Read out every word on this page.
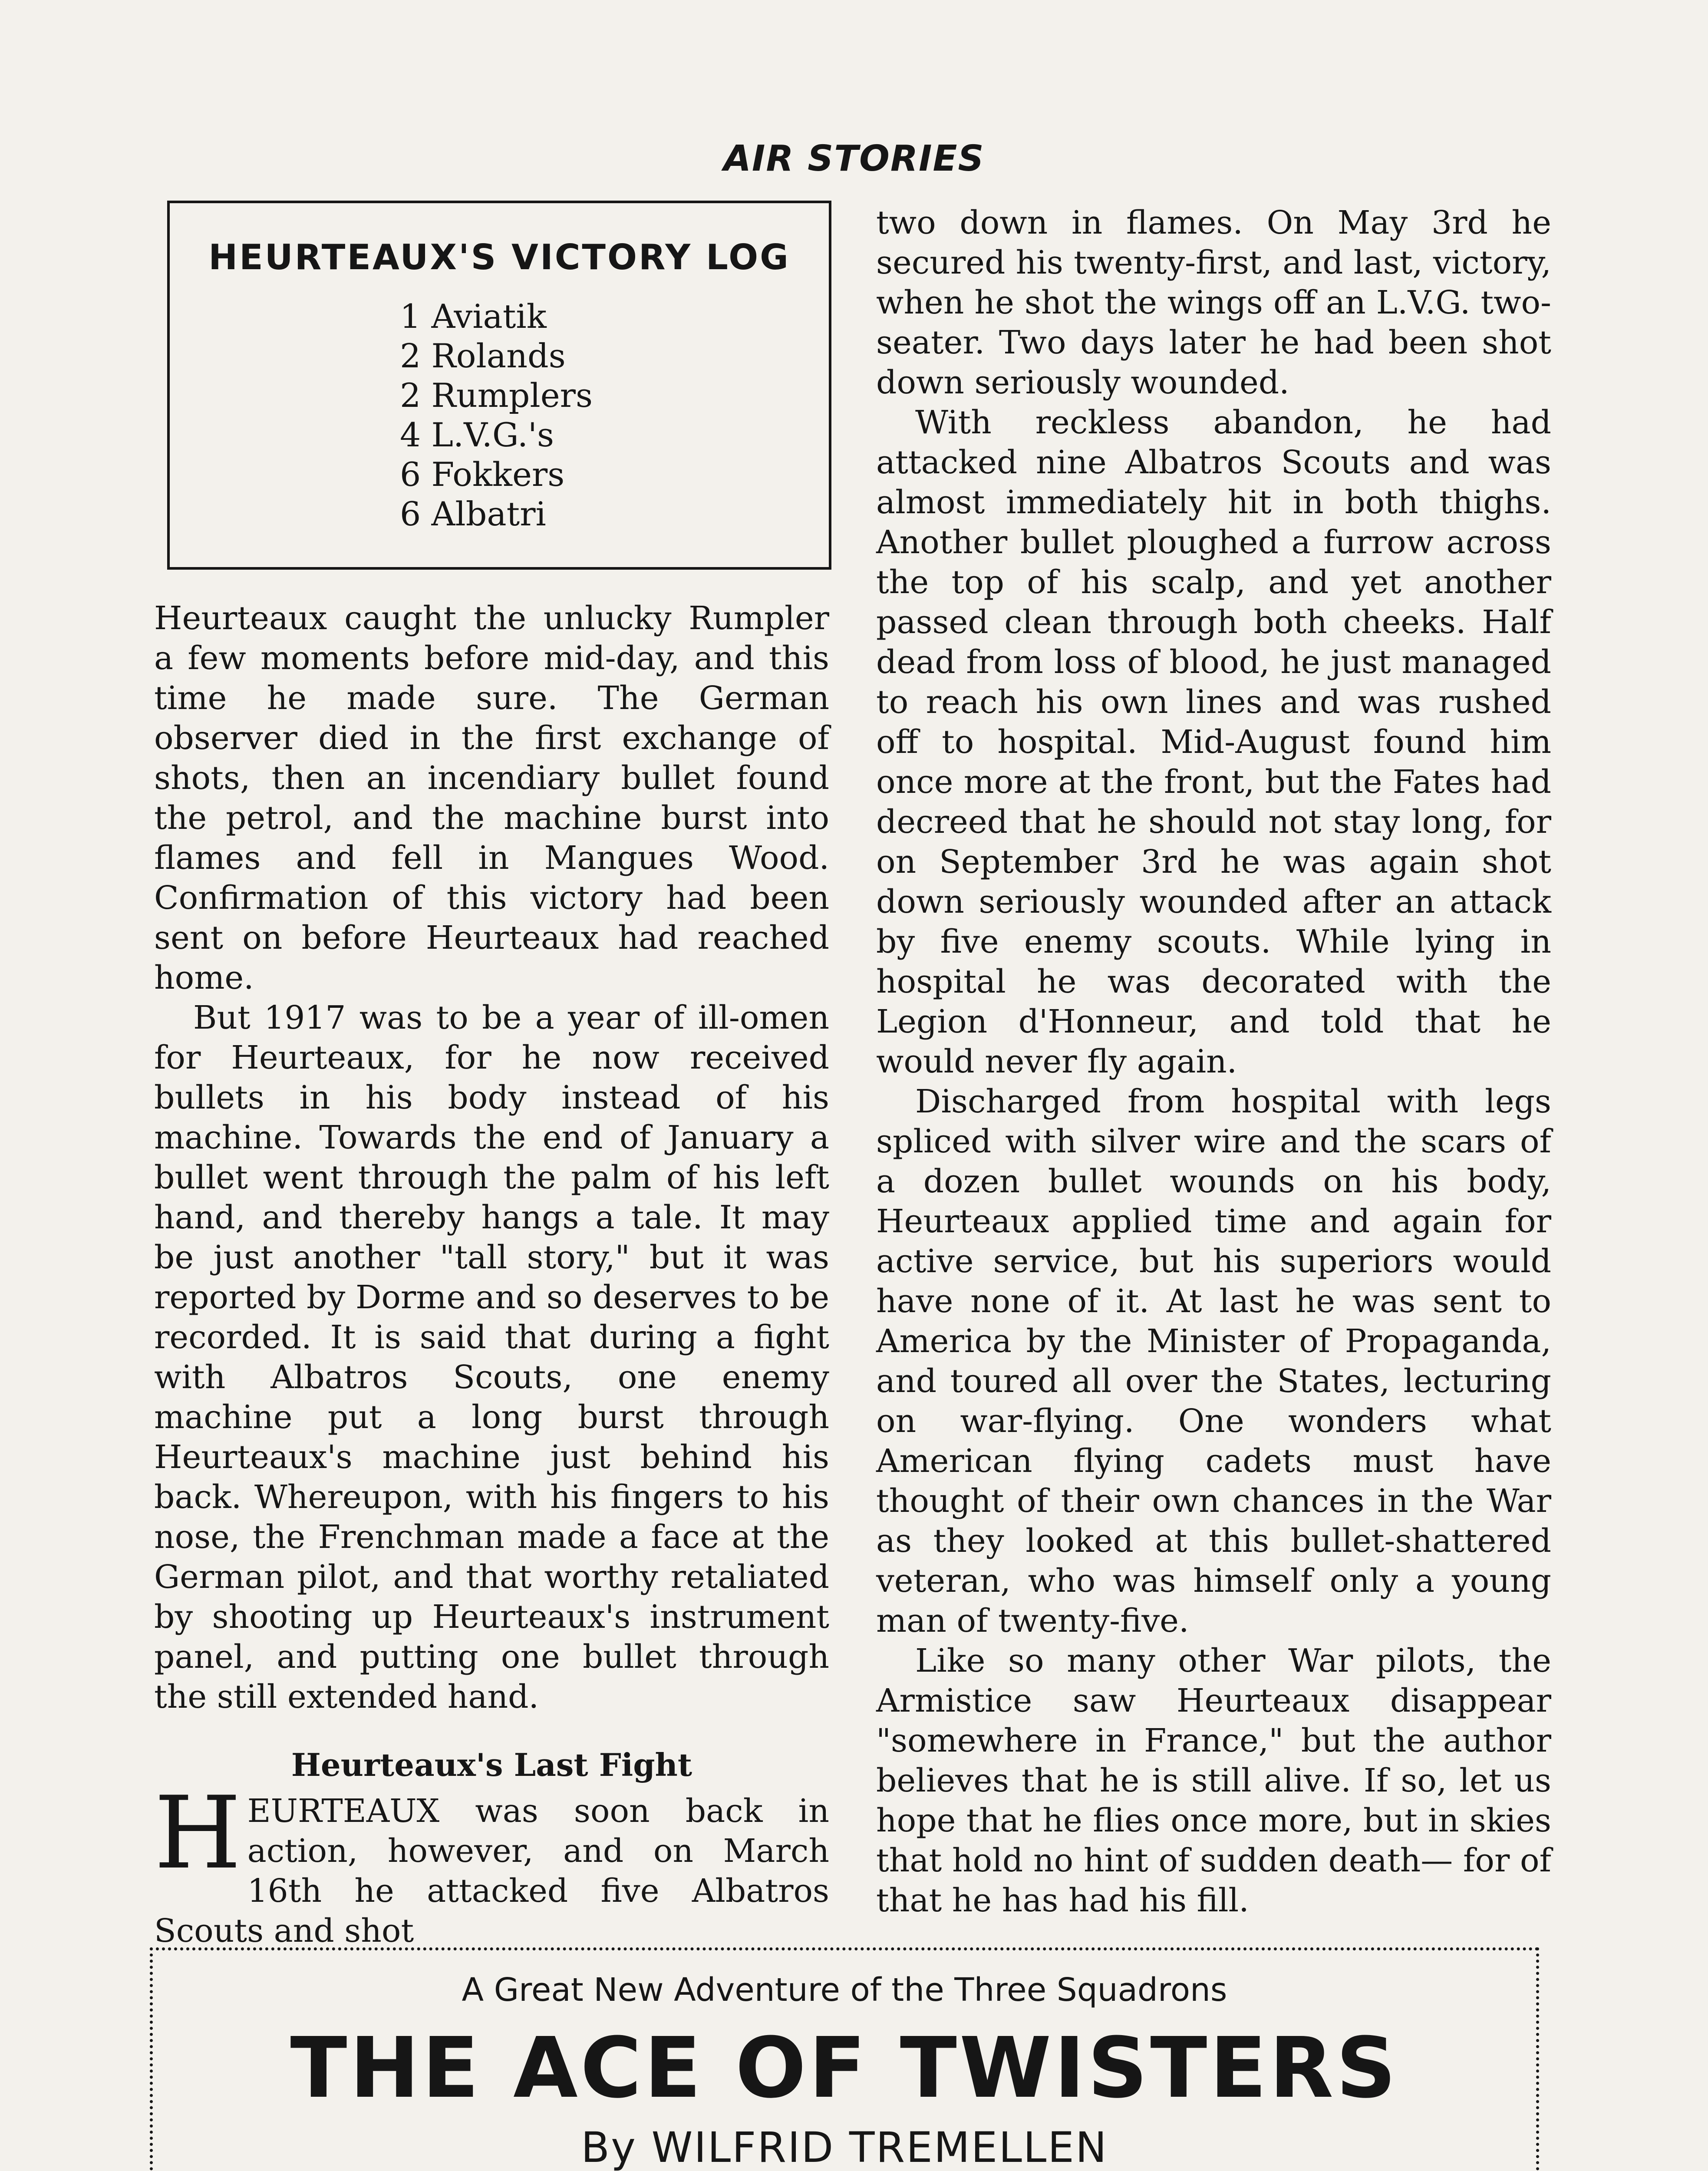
AIR STORIES
HEURTEAUX'S VICTORY LOG
1 Aviatik
2 Rolands
2 Rumplers
4 L.V.G.'s
6 Fokkers
6 Albatri

Heurteaux caught the unlucky Rumpler a few moments before mid-day, and this time he made sure. The German observer died in the first exchange of shots, then an incendiary bullet found the petrol, and the machine burst into flames and fell in Mangues Wood. Confirmation of this victory had been sent on before Heurteaux had reached home.

But 1917 was to be a year of ill-omen for Heurteaux, for he now received bullets in his body instead of his machine. Towards the end of January a bullet went through the palm of his left hand, and thereby hangs a tale. It may be just another "tall story," but it was reported by Dorme and so deserves to be recorded. It is said that during a fight with Albatros Scouts, one enemy machine put a long burst through Heurteaux's machine just behind his back. Whereupon, with his fingers to his nose, the Frenchman made a face at the German pilot, and that worthy retaliated by shooting up Heurteaux's instrument panel, and putting one bullet through the still extended hand.

Heurteaux's Last Fight
HEURTEAUX was soon back in action, however, and on March 16th he attacked five Albatros Scouts and shot

two down in flames. On May 3rd he secured his twenty-first, and last, victory, when he shot the wings off an L.V.G. two-seater. Two days later he had been shot down seriously wounded.

With reckless abandon, he had attacked nine Albatros Scouts and was almost immediately hit in both thighs. Another bullet ploughed a furrow across the top of his scalp, and yet another passed clean through both cheeks. Half dead from loss of blood, he just managed to reach his own lines and was rushed off to hospital. Mid-August found him once more at the front, but the Fates had decreed that he should not stay long, for on September 3rd he was again shot down seriously wounded after an attack by five enemy scouts. While lying in hospital he was decorated with the Legion d'Honneur, and told that he would never fly again.

Discharged from hospital with legs spliced with silver wire and the scars of a dozen bullet wounds on his body, Heurteaux applied time and again for active service, but his superiors would have none of it. At last he was sent to America by the Minister of Propaganda, and toured all over the States, lecturing on war-flying. One wonders what American flying cadets must have thought of their own chances in the War as they looked at this bullet-shattered veteran, who was himself only a young man of twenty-five.

Like so many other War pilots, the Armistice saw Heurteaux disappear "somewhere in France," but the author believes that he is still alive. If so, let us hope that he flies once more, but in skies that hold no hint of sudden death— for of that he has had his fill.

A Great New Adventure of the Three Squadrons
THE ACE OF TWISTERS
By WILFRID TREMELLEN
